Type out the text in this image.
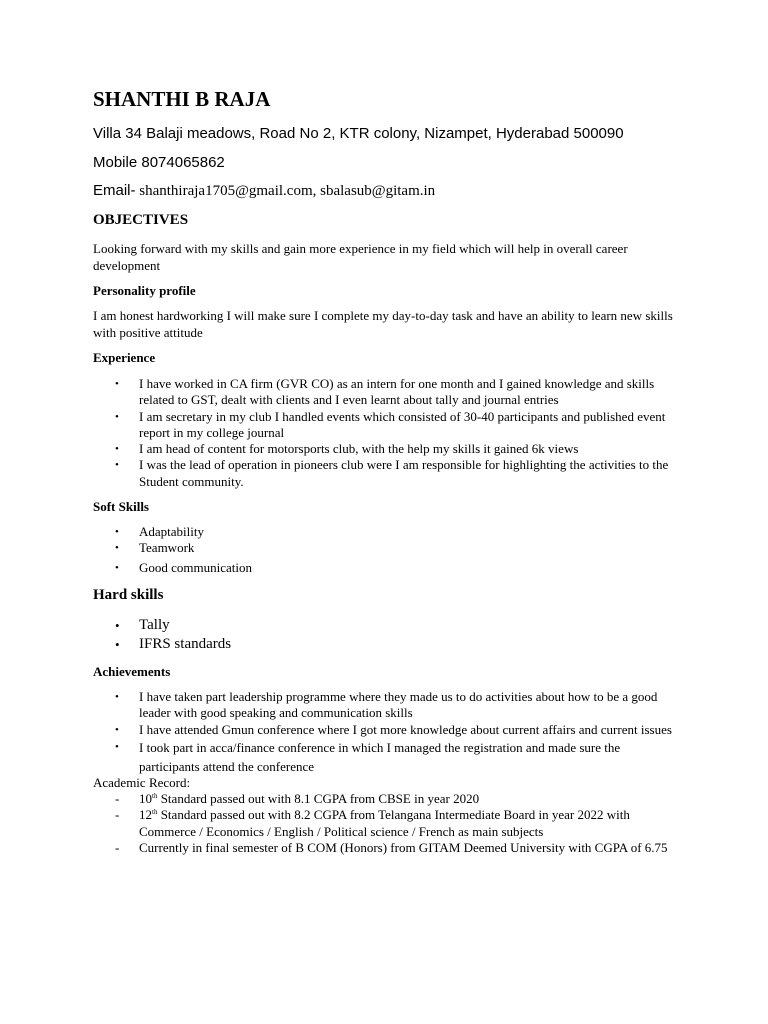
SHANTHI B RAJA
Villa 34 Balaji meadows, Road No 2, KTR colony, Nizampet, Hyderabad 500090
Mobile 8074065862
Email- shanthiraja1705@gmail.com, sbalasub@gitam.in
OBJECTIVES
Looking forward with my skills and gain more experience in my field which will help in overall career development
Personality profile
I am honest hardworking I will make sure I complete my day-to-day task and have an ability to learn new skills with positive attitude
Experience
• I have worked in CA firm (GVR CO) as an intern for one month and I gained knowledge and skills related to GST, dealt with clients and I even learnt about tally and journal entries
• I am secretary in my club I handled events which consisted of 30-40 participants and published event report in my college journal
• I am head of content for motorsports club, with the help my skills it gained 6k views
• I was the lead of operation in pioneers club were I am responsible for highlighting the activities to the Student community.
Soft Skills
• Adaptability
• Teamwork
• Good communication
Hard skills
• Tally
• IFRS standards
Achievements
• I have taken part leadership programme where they made us to do activities about how to be a good leader with good speaking and communication skills
• I have attended Gmun conference where I got more knowledge about current affairs and current issues
• I took part in acca/finance conference in which I managed the registration and made sure the participants attend the conference
Academic Record:
- 10th Standard passed out with 8.1 CGPA from CBSE in year 2020
- 12th Standard passed out with 8.2 CGPA from Telangana Intermediate Board in year 2022 with Commerce / Economics / English / Political science / French as main subjects
- Currently in final semester of B COM (Honors) from GITAM Deemed University with CGPA of 6.75
